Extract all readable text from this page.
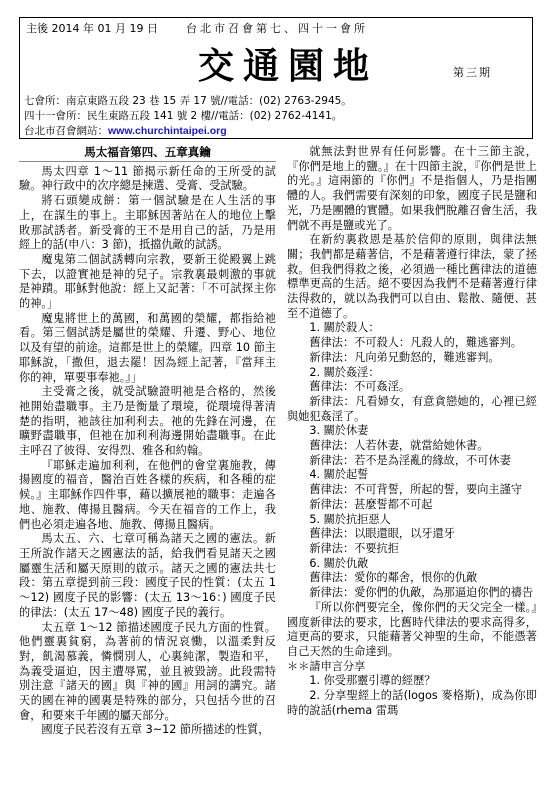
主後 2014 年 01 月 19 日	台北市召會第七、四十一會所
交通園地	第三期
七會所：南京東路五段 23 巷 15 弄 17 號//電話：(02) 2763-2945。
四十一會所：民生東路五段 141 號 2 樓//電話：(02) 2762-4141。
台北市召會網站：www.churchintaipei.org
馬太福音第四、五章真鑰

馬太四章 1～11 節揭示新任命的王所受的試驗。神行政中的次序總是揀選、受膏、受試驗。

將石頭變成餅：第一個試驗是在人生活的事上，在謀生的事上。主耶穌因著站在人的地位上擊敗那試誘者。新受膏的王不是用自己的話，乃是用經上的話(申八：3 節)，抵擋仇敵的試誘。

魔鬼第二個試誘轉向宗教，要新王從殿翼上跳下去，以證實祂是神的兒子。宗教裏最刺激的事就是神蹟。耶穌對他說：經上又記著：「不可試探主你的神。」

魔鬼將世上的萬國，和萬國的榮耀，都指給祂看。第三個試誘是屬世的榮耀、升遷、野心、地位以及有望的前途。這都是世上的榮耀。四章 10 節主耶穌說，「撒但，退去罷！因為經上記著，『當拜主你的神，單要事奉祂。』」

主受膏之後，就受試驗證明祂是合格的，然後祂開始盡職事。主乃是衡量了環境，從環境得著清楚的指明，祂該往加利利去。祂的先鋒在河邊，在曠野盡職事，但祂在加利利海邊開始盡職事。在此主呼召了彼得、安得烈、雅各和約翰。

『耶穌走遍加利利，在他們的會堂裏施教，傳揚國度的福音，醫治百姓各樣的疾病，和各種的症候。』主耶穌作四件事，藉以擴展祂的職事：走遍各地、施教、傳揚且醫病。今天在福音的工作上，我們也必須走遍各地、施教、傳揚且醫病。

馬太五、六、七章可稱為諸天之國的憲法。新王所說作諸天之國憲法的話，給我們看見諸天之國屬靈生活和屬天原則的啟示。諸天之國的憲法共七段：第五章提到前三段：國度子民的性質：(太五 1～12) 國度子民的影響：(太五 13～16：) 國度子民的律法：(太五 17～48) 國度子民的義行。

太五章 1～12 節描述國度子民九方面的性質。他們靈裏貧窮，為著前的情況哀慟，以溫柔對反對，飢渴慕義，憐憫別人，心裏純潔，製造和平，為義受逼迫，因主遭辱罵，並且被毀謗。此段需特別注意『諸天的國』與『神的國』用詞的講究。諸天的國在神的國裏是特殊的部分，只包括今世的召會，和要來千年國的屬天部分。

國度子民若沒有五章 3~12 節所描述的性質，

就無法對世界有任何影響。在十三節主說，『你們是地上的鹽。』在十四節主說，『你們是世上的光。』這兩節的『你們』不是指個人，乃是指團體的人。我們需要有深刻的印象，國度子民是鹽和光，乃是團體的實體。如果我們脫離召會生活，我們就不再是鹽或光了。

在新約裏救恩是基於信仰的原則，與律法無關；我們都是藉著信，不是藉著遵行律法，蒙了拯救。但我們得救之後，必須過一種比舊律法的道德標準更高的生活。絕不要因為我們不是藉著遵行律法得救的，就以為我們可以自由、鬆散、隨便、甚至不道德了。

1. 關於殺人：

舊律法：不可殺人：凡殺人的，難逃審判。

新律法：凡向弟兄動怒的，難逃審判。

2. 關於姦淫：

舊律法：不可姦淫。

新律法：凡看婦女，有意貪戀她的，心裡已經與她犯姦淫了。

3. 關於休妻

舊律法：人若休妻，就當給她休書。

新律法：若不是為淫亂的緣故，不可休妻

4. 關於起誓

舊律法：不可背誓，所起的誓，要向主謹守

新律法：甚麼誓都不可起

5. 關於抗拒惡人

舊律法：以眼還眼，以牙還牙

新律法：不要抗拒

6. 關於仇敵

舊律法：愛你的鄰舍，恨你的仇敵

新律法：愛你們的仇敵，為那逼迫你們的禱告

『所以你們要完全，像你們的天父完全一樣。』國度新律法的要求，比舊時代律法的要求高得多，這更高的要求，只能藉著父神聖的生命，不能憑著自己天然的生命達到。

＊＊請申言分享

1. 你受那靈引導的經歷？

2. 分享聖經上的話(logos 麥格斯)，成為你即時的說話(rhema 雷瑪
